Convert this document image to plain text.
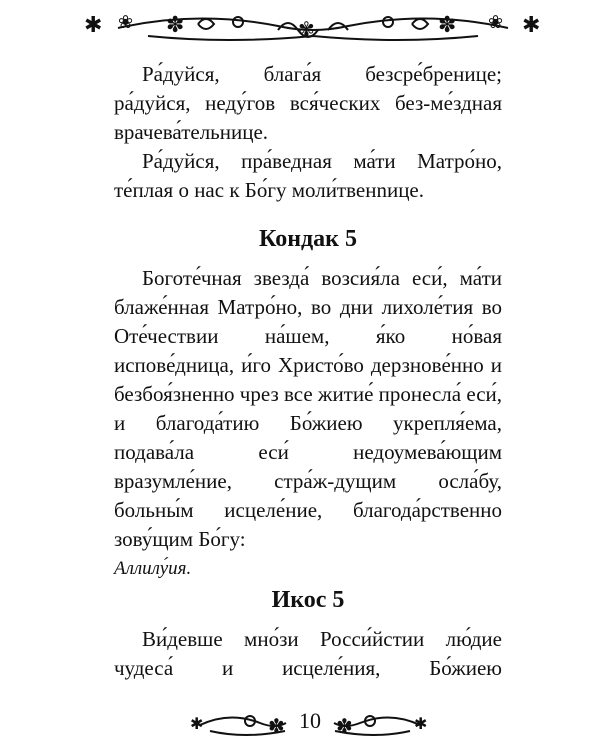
✱ ❀ ✽	✾	✽ ❀ ✱

Ра́дуйся, блага́я безсре́бренице; ра́дуйся, неду́гов вся́ческих без-ме́здная врачева́тельнице.

Ра́дуйся, пра́ведная ма́ти Матро́но, те́плая о нас к Бо́гу моли́твенnице.

Кондак 5

Боготе́чная звезда́ возсия́ла еси́, ма́ти блаже́нная Матро́но, во дни лихоле́тия во Оте́чествии на́шем, я́ко но́вая испове́дница, и́го Христо́во дерзнове́нно и безбоя́зненно чрез все житие́ пронесла́ еси́, и благода́тию Бо́жиею укрепля́ема, подава́ла еси́ недоумева́ющим вразумле́ние, стра́ж-дущим осла́бу, больны́м исцеле́ние, благода́рственно зову́щим Бо́гу:

Аллилу́ия.

Икос 5

Ви́девше мно́зи Росси́йстии лю́дие чудеса́ и исцеле́ния, Бо́жиею

✱	✽	✽	✱
10
